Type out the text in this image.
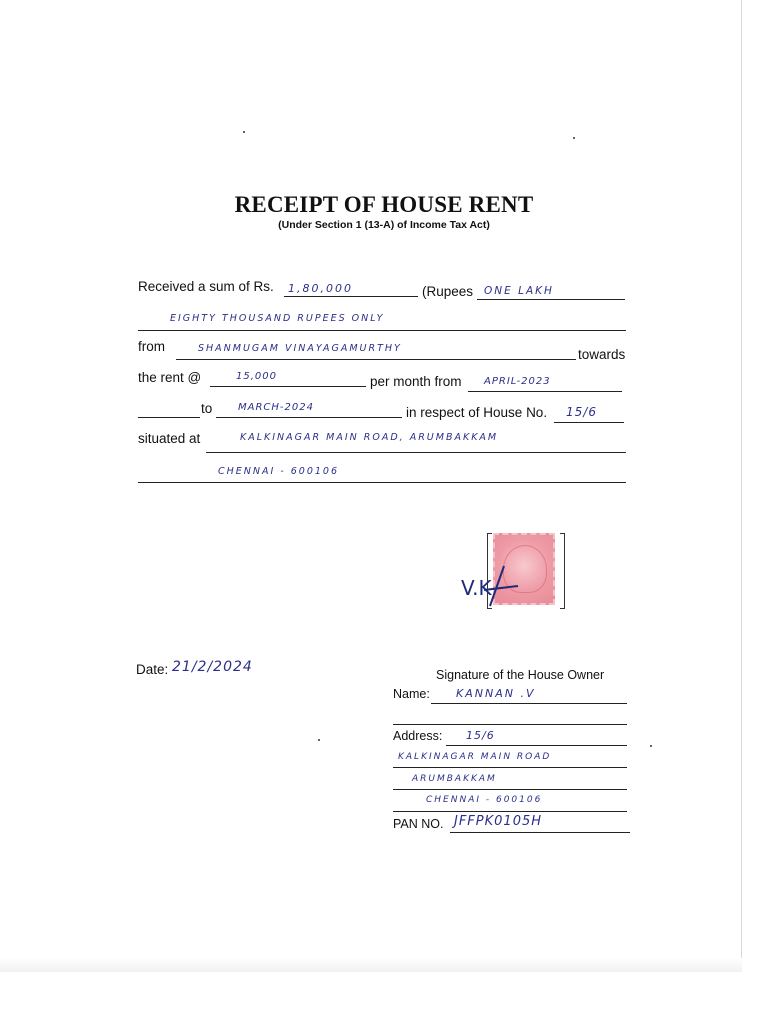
RECEIPT OF HOUSE RENT
(Under Section 1 (13-A) of Income Tax Act)
Received a sum of Rs. 1,80,000	(Rupees ONE LAKH
EIGHTY THOUSAND RUPEES ONLY
from	SHANMUGAM VINAYAGAMURTHY	towards
the rent @	15,000	per month from APRIL-2023
to	MARCH-2024	in respect of House No. 15/6
situated at	KALKINAGAR MAIN ROAD, ARUMBAKKAM
CHENNAI - 600106
V.K
Date: 21/2/2024	Signature of the House Owner
Name: KANNAN .V
Address: 15/6
KALKINAGAR MAIN ROAD
ARUMBAKKAM
CHENNAI - 600106
PAN NO. JFFPK0105H
